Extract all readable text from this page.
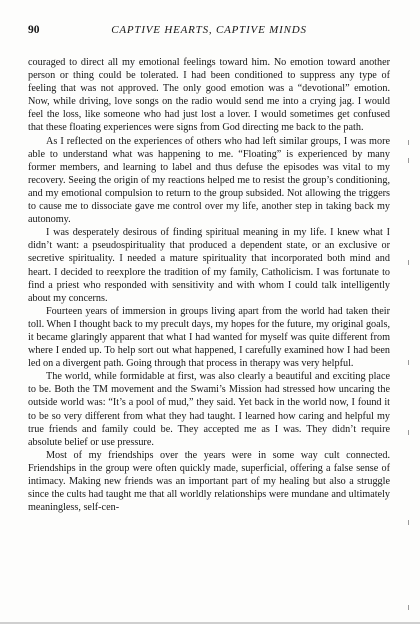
90	CAPTIVE HEARTS, CAPTIVE MINDS

couraged to direct all my emotional feelings toward him. No emotion toward another person or thing could be tolerated. I had been conditioned to suppress any type of feeling that was not approved. The only good emotion was a “devotional” emotion. Now, while driving, love songs on the radio would send me into a crying jag. I would feel the loss, like someone who had just lost a lover. I would sometimes get confused that these floating experiences were signs from God directing me back to the path.

As I reflected on the experiences of others who had left similar groups, I was more able to understand what was happening to me. “Floating” is experienced by many former members, and learning to label and thus defuse the episodes was vital to my recovery. Seeing the origin of my reactions helped me to resist the group’s conditioning, and my emotional compulsion to return to the group subsided. Not allowing the triggers to cause me to dissociate gave me control over my life, another step in taking back my autonomy.

I was desperately desirous of finding spiritual meaning in my life. I knew what I didn’t want: a pseudospirituality that produced a dependent state, or an exclusive or secretive spirituality. I needed a mature spirituality that incorporated both mind and heart. I decided to reexplore the tradition of my family, Catholicism. I was fortunate to find a priest who responded with sensitivity and with whom I could talk intelligently about my concerns.

Fourteen years of immersion in groups living apart from the world had taken their toll. When I thought back to my precult days, my hopes for the future, my original goals, it became glaringly apparent that what I had wanted for myself was quite different from where I ended up. To help sort out what happened, I carefully examined how I had been led on a divergent path. Going through that process in therapy was very helpful.

The world, while formidable at first, was also clearly a beautiful and exciting place to be. Both the TM movement and the Swami’s Mission had stressed how uncaring the outside world was: “It’s a pool of mud,” they said. Yet back in the world now, I found it to be so very different from what they had taught. I learned how caring and helpful my true friends and family could be. They accepted me as I was. They didn’t require absolute belief or use pressure.

Most of my friendships over the years were in some way cult connected. Friendships in the group were often quickly made, superficial, offering a false sense of intimacy. Making new friends was an important part of my healing but also a struggle since the cults had taught me that all worldly relationships were mundane and ultimately meaningless, self-cen-
